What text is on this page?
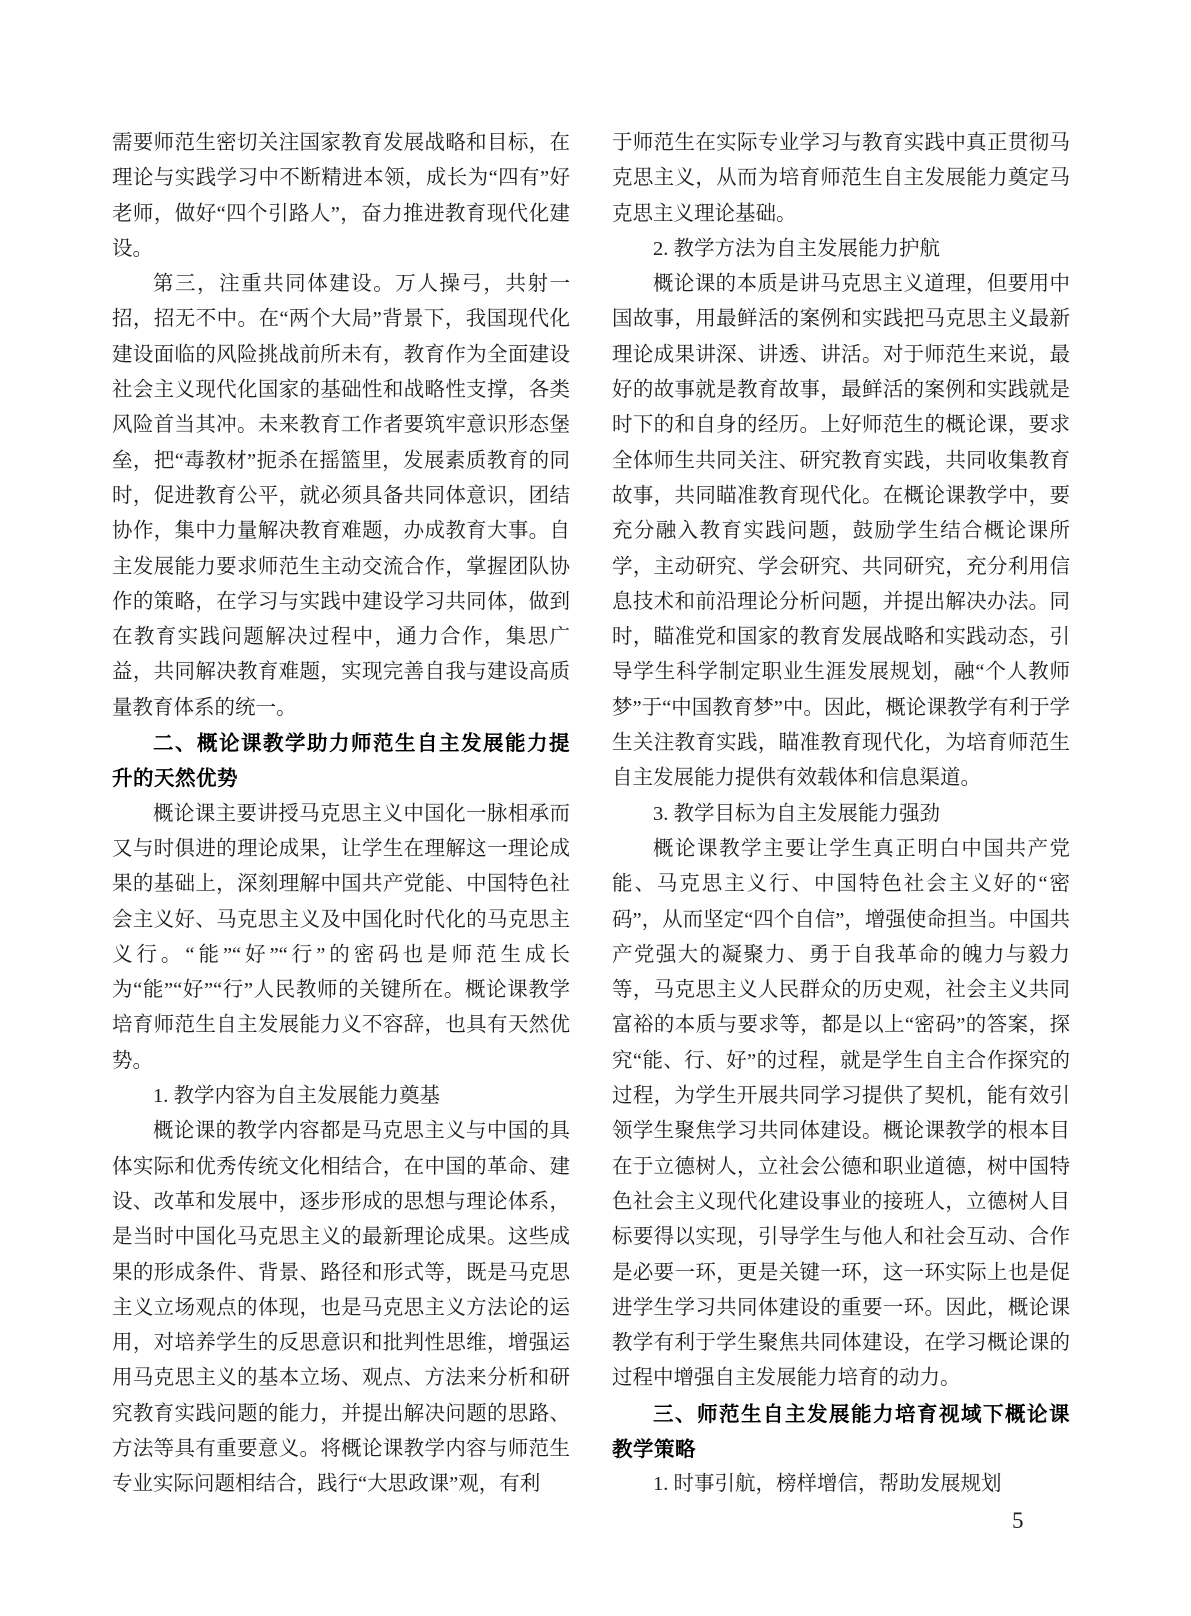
需要师范生密切关注国家教育发展战略和目标，在理论与实践学习中不断精进本领，成长为“四有”好老师，做好“四个引路人”，奋力推进教育现代化建设。

第三，注重共同体建设。万人操弓，共射一招，招无不中。在“两个大局”背景下，我国现代化建设面临的风险挑战前所未有，教育作为全面建设社会主义现代化国家的基础性和战略性支撑，各类风险首当其冲。未来教育工作者要筑牢意识形态堡垒，把“毒教材”扼杀在摇篮里，发展素质教育的同时，促进教育公平，就必须具备共同体意识，团结协作，集中力量解决教育难题，办成教育大事。自主发展能力要求师范生主动交流合作，掌握团队协作的策略，在学习与实践中建设学习共同体，做到在教育实践问题解决过程中，通力合作，集思广益，共同解决教育难题，实现完善自我与建设高质量教育体系的统一。

二、概论课教学助力师范生自主发展能力提升的天然优势

概论课主要讲授马克思主义中国化一脉相承而又与时俱进的理论成果，让学生在理解这一理论成果的基础上，深刻理解中国共产党能、中国特色社会主义好、马克思主义及中国化时代化的马克思主义行。“能”“好”“行”的密码也是师范生成长为“能”“好”“行”人民教师的关键所在。概论课教学培育师范生自主发展能力义不容辞，也具有天然优势。

1. 教学内容为自主发展能力奠基

概论课的教学内容都是马克思主义与中国的具体实际和优秀传统文化相结合，在中国的革命、建设、改革和发展中，逐步形成的思想与理论体系，是当时中国化马克思主义的最新理论成果。这些成果的形成条件、背景、路径和形式等，既是马克思主义立场观点的体现，也是马克思主义方法论的运用，对培养学生的反思意识和批判性思维，增强运用马克思主义的基本立场、观点、方法来分析和研究教育实践问题的能力，并提出解决问题的思路、方法等具有重要意义。将概论课教学内容与师范生专业实际问题相结合，践行“大思政课”观，有利

于师范生在实际专业学习与教育实践中真正贯彻马克思主义，从而为培育师范生自主发展能力奠定马克思主义理论基础。

2. 教学方法为自主发展能力护航

概论课的本质是讲马克思主义道理，但要用中国故事，用最鲜活的案例和实践把马克思主义最新理论成果讲深、讲透、讲活。对于师范生来说，最好的故事就是教育故事，最鲜活的案例和实践就是时下的和自身的经历。上好师范生的概论课，要求全体师生共同关注、研究教育实践，共同收集教育故事，共同瞄准教育现代化。在概论课教学中，要充分融入教育实践问题，鼓励学生结合概论课所学，主动研究、学会研究、共同研究，充分利用信息技术和前沿理论分析问题，并提出解决办法。同时，瞄准党和国家的教育发展战略和实践动态，引导学生科学制定职业生涯发展规划，融“个人教师梦”于“中国教育梦”中。因此，概论课教学有利于学生关注教育实践，瞄准教育现代化，为培育师范生自主发展能力提供有效载体和信息渠道。

3. 教学目标为自主发展能力强劲

概论课教学主要让学生真正明白中国共产党能、马克思主义行、中国特色社会主义好的“密码”，从而坚定“四个自信”，增强使命担当。中国共产党强大的凝聚力、勇于自我革命的魄力与毅力等，马克思主义人民群众的历史观，社会主义共同富裕的本质与要求等，都是以上“密码”的答案，探究“能、行、好”的过程，就是学生自主合作探究的过程，为学生开展共同学习提供了契机，能有效引领学生聚焦学习共同体建设。概论课教学的根本目在于立德树人，立社会公德和职业道德，树中国特色社会主义现代化建设事业的接班人，立德树人目标要得以实现，引导学生与他人和社会互动、合作是必要一环，更是关键一环，这一环实际上也是促进学生学习共同体建设的重要一环。因此，概论课教学有利于学生聚焦共同体建设，在学习概论课的过程中增强自主发展能力培育的动力。

三、师范生自主发展能力培育视域下概论课教学策略

1. 时事引航，榜样增信，帮助发展规划

5
